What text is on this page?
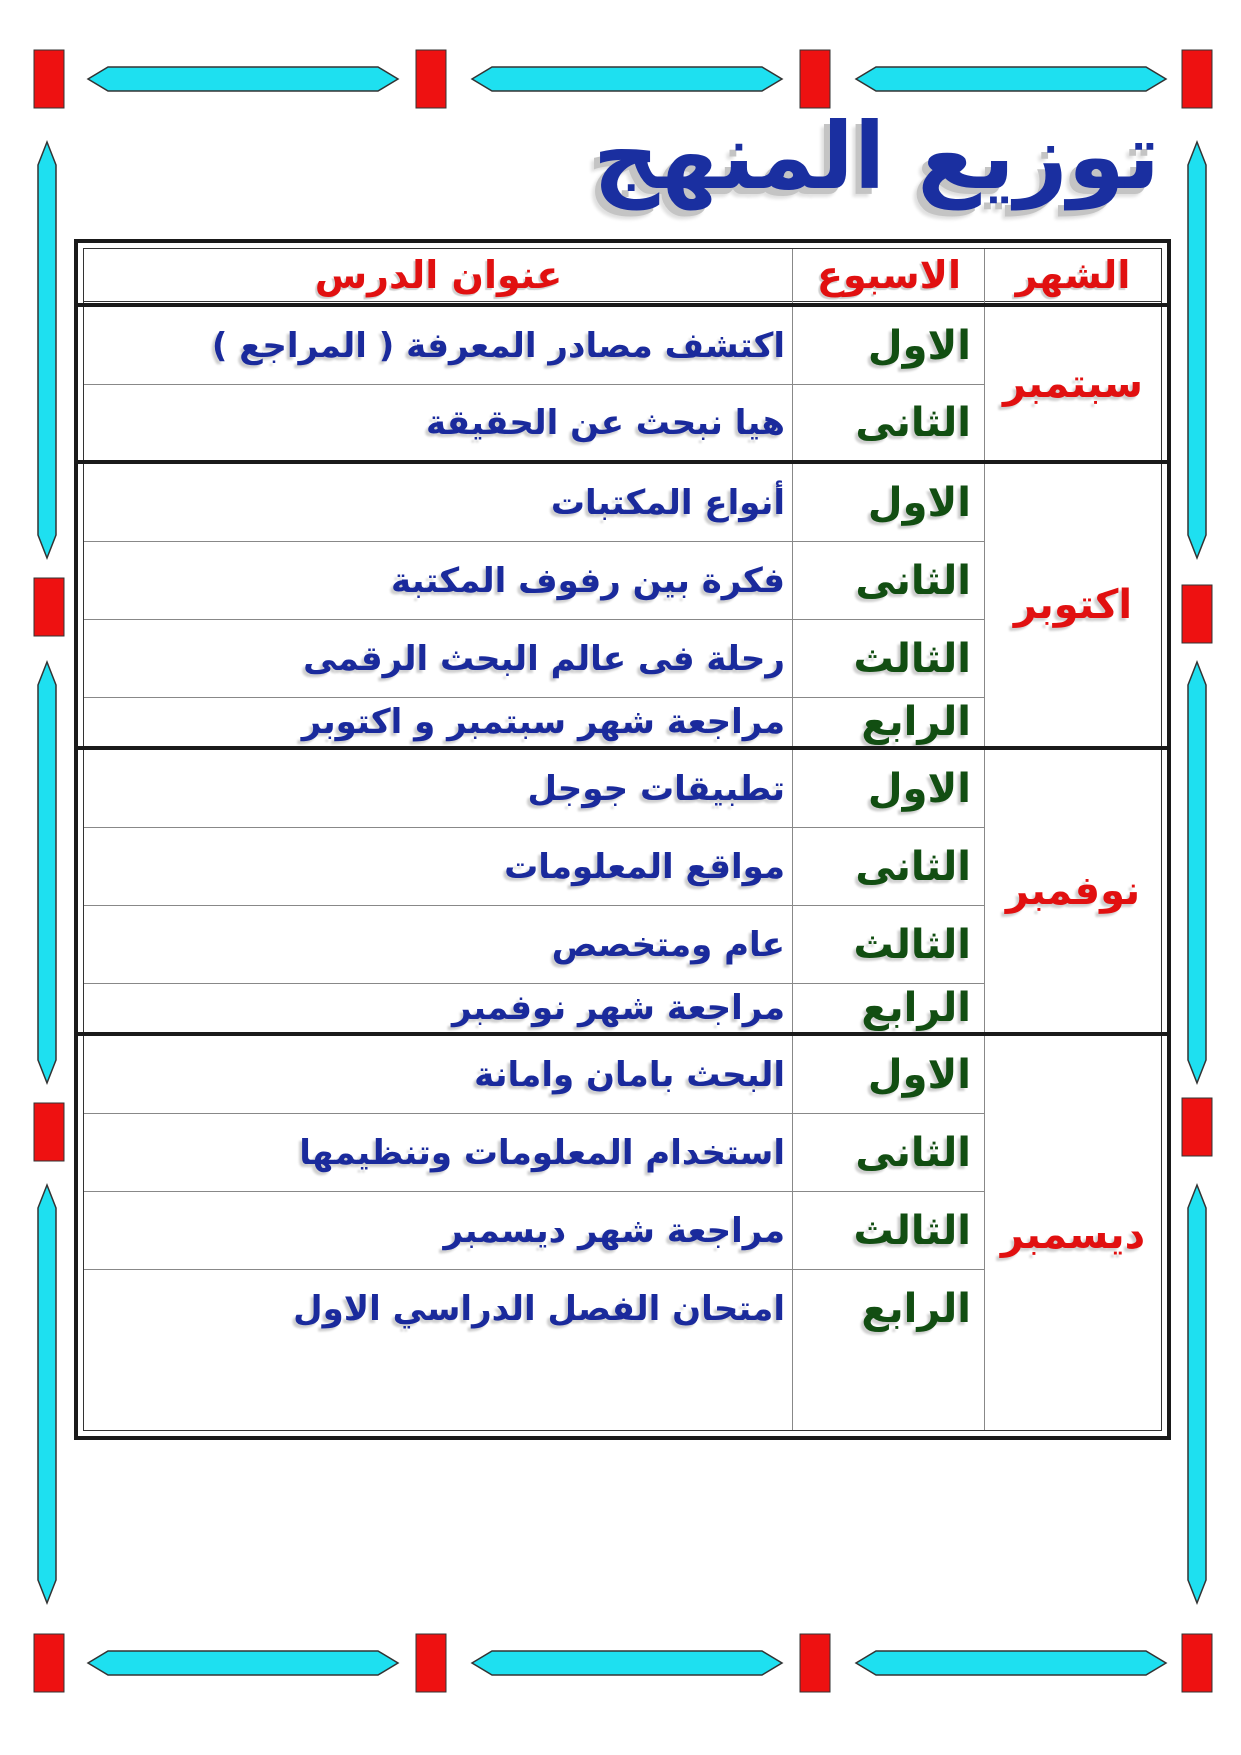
توزيع المنهج
الشهر
الاسبوع
عنوان الدرس
سبتمبر
الاول
اكتشف مصادر المعرفة ( المراجع )
الثانى
هيا نبحث عن الحقيقة
اكتوبر
الاول
أنواع المكتبات
الثانى
فكرة بين رفوف المكتبة
الثالث
رحلة فى عالم البحث الرقمى
الرابع
مراجعة شهر سبتمبر و اكتوبر
نوفمبر
الاول
تطبيقات جوجل
الثانى
مواقع المعلومات
الثالث
عام ومتخصص
الرابع
مراجعة شهر نوفمبر
ديسمبر
الاول
البحث بامان وامانة
الثانى
استخدام المعلومات وتنظيمها
الثالث
مراجعة شهر ديسمبر
الرابع
امتحان الفصل الدراسي الاول
